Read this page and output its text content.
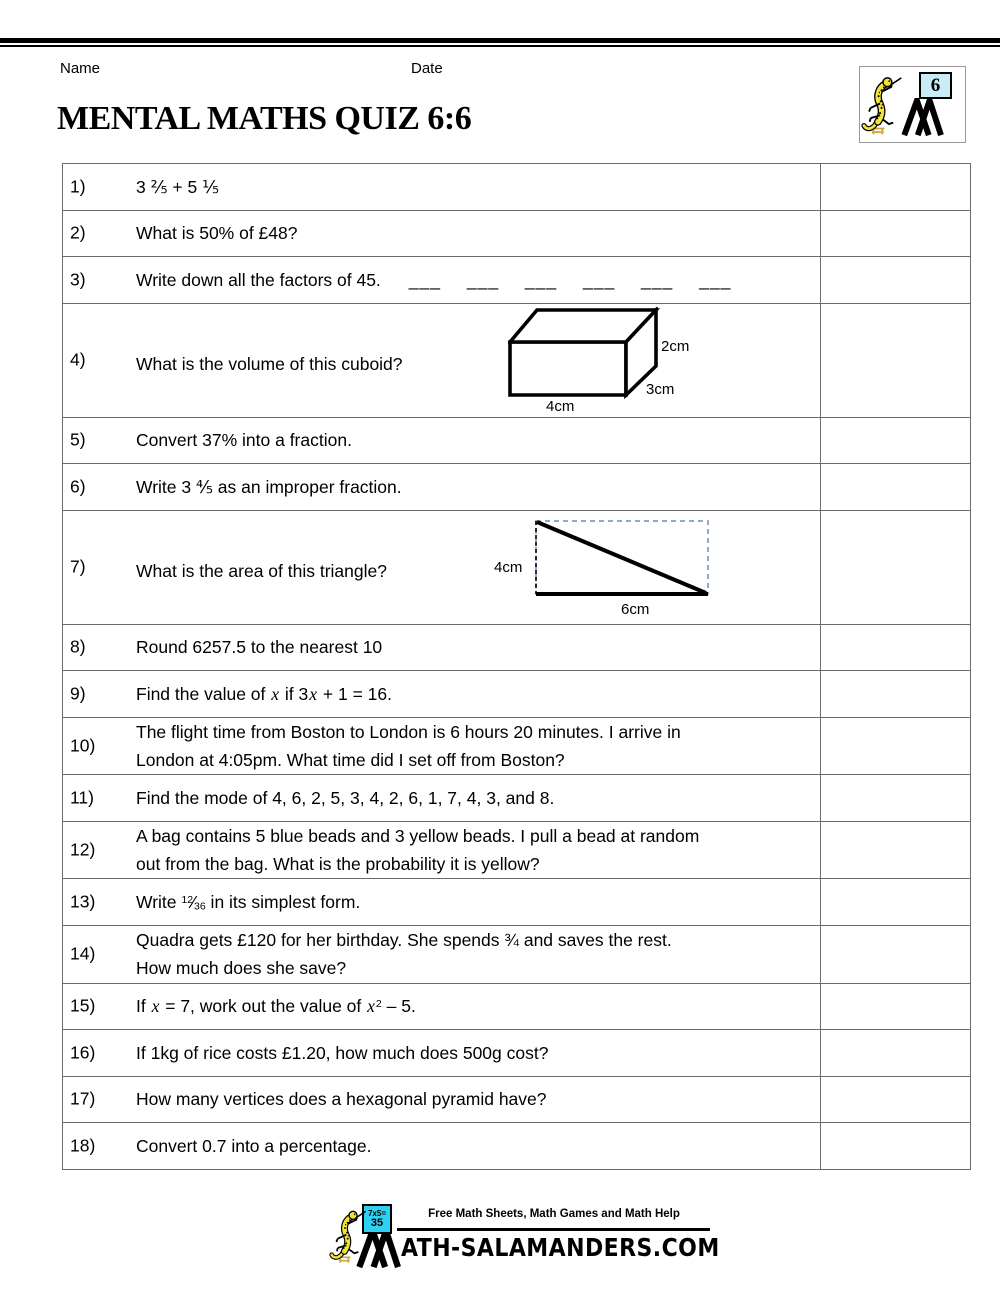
Name	Date
MENTAL MATHS QUIZ 6:6
6
1) 3 ⅖ + 5 ⅕	

2) What is 50% of £48?	

3) Write down all the factors of 45. ___ ___ ___ ___ ___ ___	

4) What is the volume of this cuboid?
2cm
3cm
4cm	

5) Convert 37% into a fraction.	

6) Write 3 ⅘ as an improper fraction.	

7) What is the area of this triangle? 4cm
6cm	

8) Round 6257.5 to the nearest 10	

9) Find the value of x if 3x + 1 = 16.	

10)
The flight time from Boston to London is 6 hours 20 minutes. I arrive in
London at 4:05pm. What time did I set off from Boston?	

11) Find the mode of 4, 6, 2, 5, 3, 4, 2, 6, 1, 7, 4, 3, and 8.	

12)
A bag contains 5 blue beads and 3 yellow beads. I pull a bead at random
out from the bag. What is the probability it is yellow?	

13) Write $^{12}$⁄36 in its simplest form.	

14)
Quadra gets £120 for her birthday. She spends ¾ and saves the rest.
How much does she save?	

15) If x = 7, work out the value of $x^2 - 5$.	

16) If 1kg of rice costs £1.20, how much does 500g cost?	

17) How many vertices does a hexagonal pyramid have?	

18) Convert 0.7 into a percentage.	

7x5=
35
Free Math Sheets, Math Games and Math Help
ATH-SALAMANDERS.COM
